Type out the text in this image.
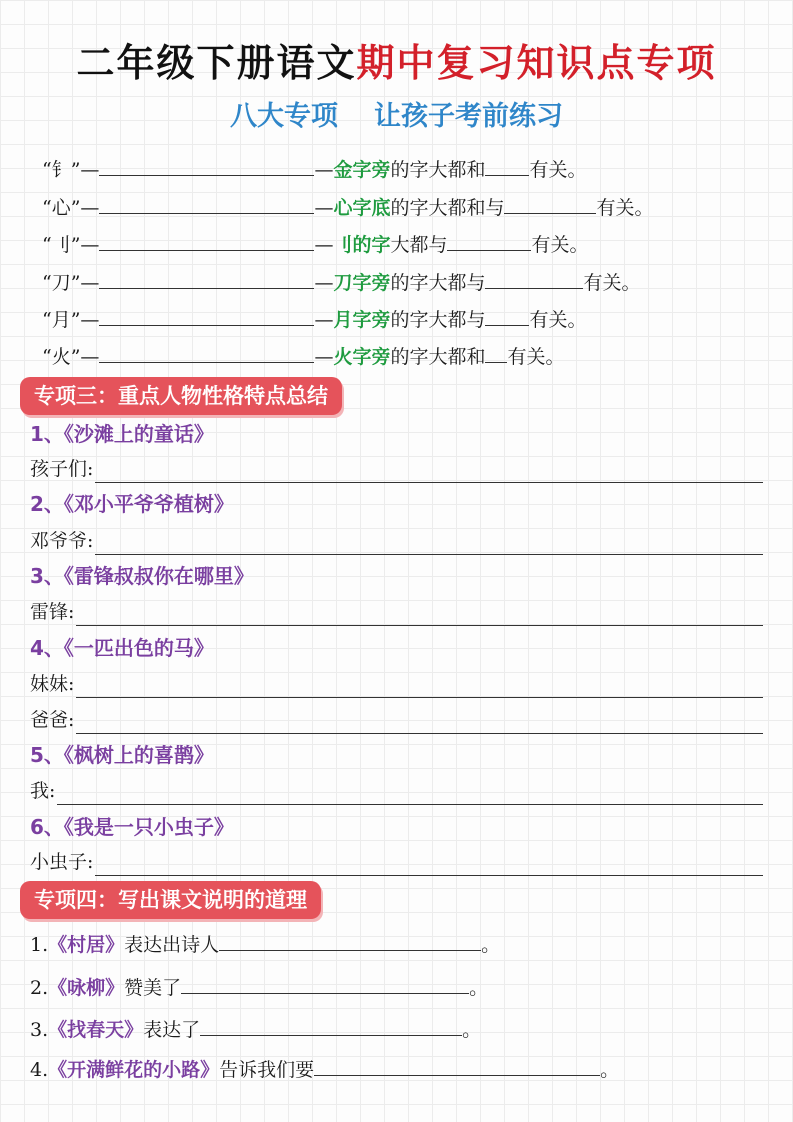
二年级下册语文期中复习知识点专项
八大专项 让孩子考前练习
“钅”—	—金字旁的字大都和 有关。
“心”—	—心字底的字大都和与	有关。
“刂”—	—刂的字大都与	有关。
“刀”—	—刀字旁的字大都与	有关。
“月”—	—月字旁的字大都与 有关。
“火”—	—火字旁的字大都和 有关。
专项三：重点人物性格特点总结
1、《沙滩上的童话》
孩子们:
2、《邓小平爷爷植树》
邓爷爷:
3、《雷锋叔叔你在哪里》
雷锋:
4、《一匹出色的马》
妹妹:
爸爸:
5、《枫树上的喜鹊》
我:
6、《我是一只小虫子》
小虫子:
专项四：写出课文说明的道理
1.《村居》表达出诗人	。
2.《咏柳》赞美了	。
3.《找春天》表达了	。
4.《开满鲜花的小路》告诉我们要	。
